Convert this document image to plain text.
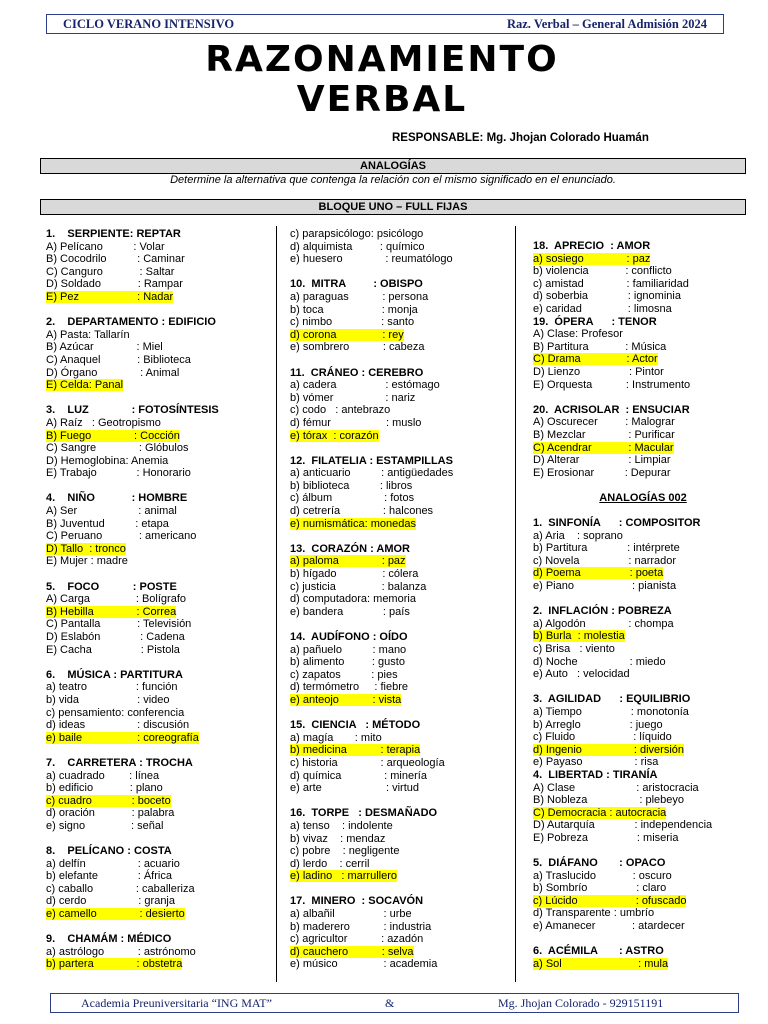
CICLO VERANO INTENSIVO	Raz. Verbal – General Admisión 2024
RAZONAMIENTO
VERBAL
RESPONSABLE: Mg. Jhojan Colorado Huamán
ANALOGÍAS
Determine la alternativa que contenga la relación con el mismo significado en el enunciado.
BLOQUE UNO – FULL FIJAS
1.    SERPIENTE: REPTAR
A) Pelícano          : Volar
B) Cocodrilo          : Caminar
C) Canguro            : Saltar
D) Soldado            : Rampar
E) Pez                   : Nadar
2.    DEPARTAMENTO : EDIFICIO
A) Pasta: Tallarín
B) Azúcar              : Miel
C) Anaquel            : Biblioteca
D) Órgano              : Animal
E) Celda: Panal
3.    LUZ              : FOTOSÍNTESIS
A) Raíz   : Geotropismo
B) Fuego              : Cocción
C) Sangre              : Glóbulos
D) Hemoglobina: Anemia
E) Trabajo             : Honorario
4.    NIÑO            : HOMBRE
A) Ser                    : animal
B) Juventud          : etapa
C) Peruano            : americano
D) Tallo  : tronco
E) Mujer : madre
5.    FOCO           : POSTE
A) Carga               : Bolígrafo
B) Hebilla              : Correa
C) Pantalla            : Televisión
D) Eslabón             : Cadena
E) Cacha                : Pistola
6.    MÚSICA : PARTITURA
a) teatro                : función
b) vida                   : video
c) pensamiento: conferencia
d) ideas                 : discusión
e) baile                  : coreografía
7.    CARRETERA : TROCHA
a) cuadrado        : línea
b) edificio            : plano
c) cuadro             : boceto
d) oración            : palabra
e) signo               : señal
8.    PELÍCANO : COSTA
a) delfín                 : acuario
b) elefante             : África
c) caballo              : caballeriza
d) cerdo                 : granja
e) camello              : desierto
9.    CHAMÁM : MÉDICO
a) astrólogo           : astrónomo
b) partera              : obstetra
c) parapsicólogo: psicólogo
d) alquimista         : químico
e) huesero              : reumatólogo
10.  MITRA         : OBISPO
a) paraguas           : persona
b) toca                   : monja
c) nimbo                : santo
d) corona               : rey
e) sombrero           : cabeza
11.  CRÁNEO : CEREBRO
a) cadera                : estómago
b) vómer                 : nariz
c) codo   : antebrazo
d) fémur                  : muslo
e) tórax  : corazón
12.  FILATELIA : ESTAMPILLAS
a) anticuario          : antigüedades
b) biblioteca          : libros
c) álbum                 : fotos
d) cetrería              : halcones
e) numismática: monedas
13.  CORAZÓN : AMOR
a) paloma              : paz
b) hígado               : cólera
c) justicia               : balanza
d) computadora: memoria
e) bandera             : país
14.  AUDÍFONO : OÍDO
a) pañuelo          : mano
b) alimento         : gusto
c) zapatos          : pies
d) termómetro     : fiebre
e) anteojo           : vista
15.  CIENCIA   : MÉTODO
a) magía       : mito
b) medicina           : terapia
c) historia              : arqueología
d) química              : minería
e) arte                     : virtud
16.  TORPE   : DESMAÑADO
a) tenso    : indolente
b) vivaz    : mendaz
c) pobre    : negligente
d) lerdo    : cerril
e) ladino   : marrullero
17.  MINERO  : SOCAVÓN
a) albañil                : urbe
b) maderero           : industria
c) agricultor           : azadón
d) cauchero           : selva
e) músico               : academia
18.  APRECIO  : AMOR
a) sosiego              : paz
b) violencia            : conflicto
c) amistad              : familiaridad
d) soberbia             : ignominia
e) caridad               : limosna
19.  ÓPERA      : TENOR
A) Clase: Profesor
B) Partitura            : Música
C) Drama               : Actor
D) Lienzo                : Pintor
E) Orquesta           : Instrumento
20.  ACRISOLAR  : ENSUCIAR
A) Oscurecer         : Malograr
B) Mezclar              : Purificar
C) Acendrar            : Macular
D) Alterar                : Limpiar
E) Erosionar          : Depurar
ANALOGÍAS 002
1.  SINFONÍA      : COMPOSITOR
a) Aria    : soprano
b) Partitura             : intérprete
c) Novela                : narrador
d) Poema                : poeta
e) Piano                   : pianista
2.  INFLACIÓN : POBREZA
a) Algodón              : chompa
b) Burla  : molestia
c) Brisa   : viento
d) Noche                 : miedo
e) Auto   : velocidad
3.  AGILIDAD      : EQUILIBRIO
a) Tiempo                : monotonía
b) Arreglo                : juego
c) Fluido                   : líquido
d) Ingenio                 : diversión
e) Payaso                 : risa
4.  LIBERTAD : TIRANÍA
A) Clase                    : aristocracia
B) Nobleza                 : plebeyo
C) Democracia : autocracia
D) Autarquía             : independencia
E) Pobreza                : miseria
5.  DIÁFANO       : OPACO
a) Traslucido            : oscuro
b) Sombrío                : claro
c) Lúcido                   : ofuscado
d) Transparente : umbrío
e) Amanecer            : atardecer
6.  ACÉMILA       : ASTRO
a) Sol                         : mula
Academia Preuniversitaria “ING MAT”	&	Mg. Jhojan Colorado - 929151191
